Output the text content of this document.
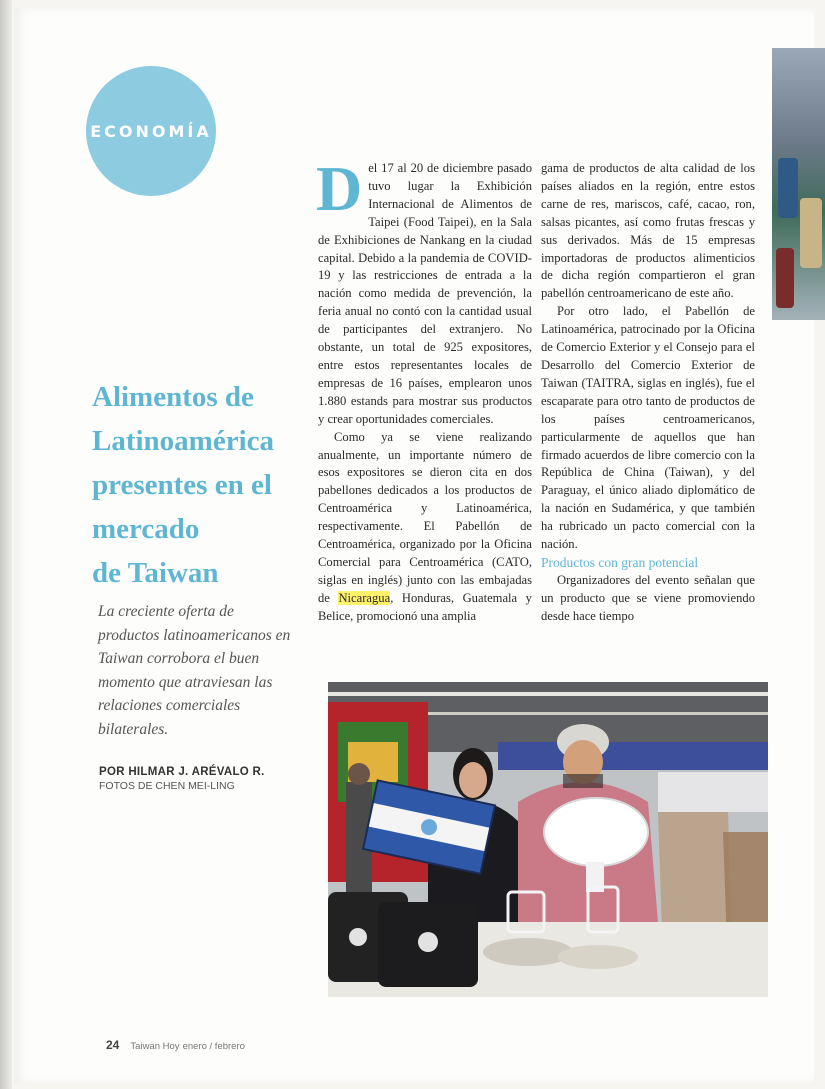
ECONOMÍA
Alimentos de
Latinoamérica
presentes en el
mercado
de Taiwan
La creciente oferta de productos latinoamericanos en Taiwan corrobora el buen momento que atraviesan las relaciones comerciales bilaterales.
POR HILMAR J. ARÉVALO R.
FOTOS DE CHEN MEI-LING

Del 17 al 20 de diciembre pasado tuvo lugar la Exhibición Internacional de Alimentos de Taipei (Food Taipei), en la Sala de Exhibiciones de Nankang en la ciudad capital. Debido a la pandemia de COVID-19 y las restricciones de entrada a la nación como medida de prevención, la feria anual no contó con la cantidad usual de participantes del extranjero. No obstante, un total de 925 expositores, entre estos representantes locales de empresas de 16 países, emplearon unos 1.880 estands para mostrar sus productos y crear oportunidades comerciales.

Como ya se viene realizando anualmente, un importante número de esos expositores se dieron cita en dos pabellones dedicados a los productos de Centroamérica y Latinoamérica, respectivamente. El Pabellón de Centroamérica, organizado por la Oficina Comercial para Centroamérica (CATO, siglas en inglés) junto con las embajadas de Nicaragua, Honduras, Guatemala y Belice, promocionó una amplia

gama de productos de alta calidad de los países aliados en la región, entre estos carne de res, mariscos, café, cacao, ron, salsas picantes, así como frutas frescas y sus derivados. Más de 15 empresas importadoras de productos alimenticios de dicha región compartieron el gran pabellón centroamericano de este año.

Por otro lado, el Pabellón de Latinoamérica, patrocinado por la Oficina de Comercio Exterior y el Consejo para el Desarrollo del Comercio Exterior de Taiwan (TAITRA, siglas en inglés), fue el escaparate para otro tanto de productos de los países centroamericanos, particularmente de aquellos que han firmado acuerdos de libre comercio con la República de China (Taiwan), y del Paraguay, el único aliado diplomático de la nación en Sudamérica, y que también ha rubricado un pacto comercial con la nación.

Productos con gran potencial

Organizadores del evento señalan que un producto que se viene promoviendo desde hace tiempo

24 Taiwan Hoy enero / febrero
